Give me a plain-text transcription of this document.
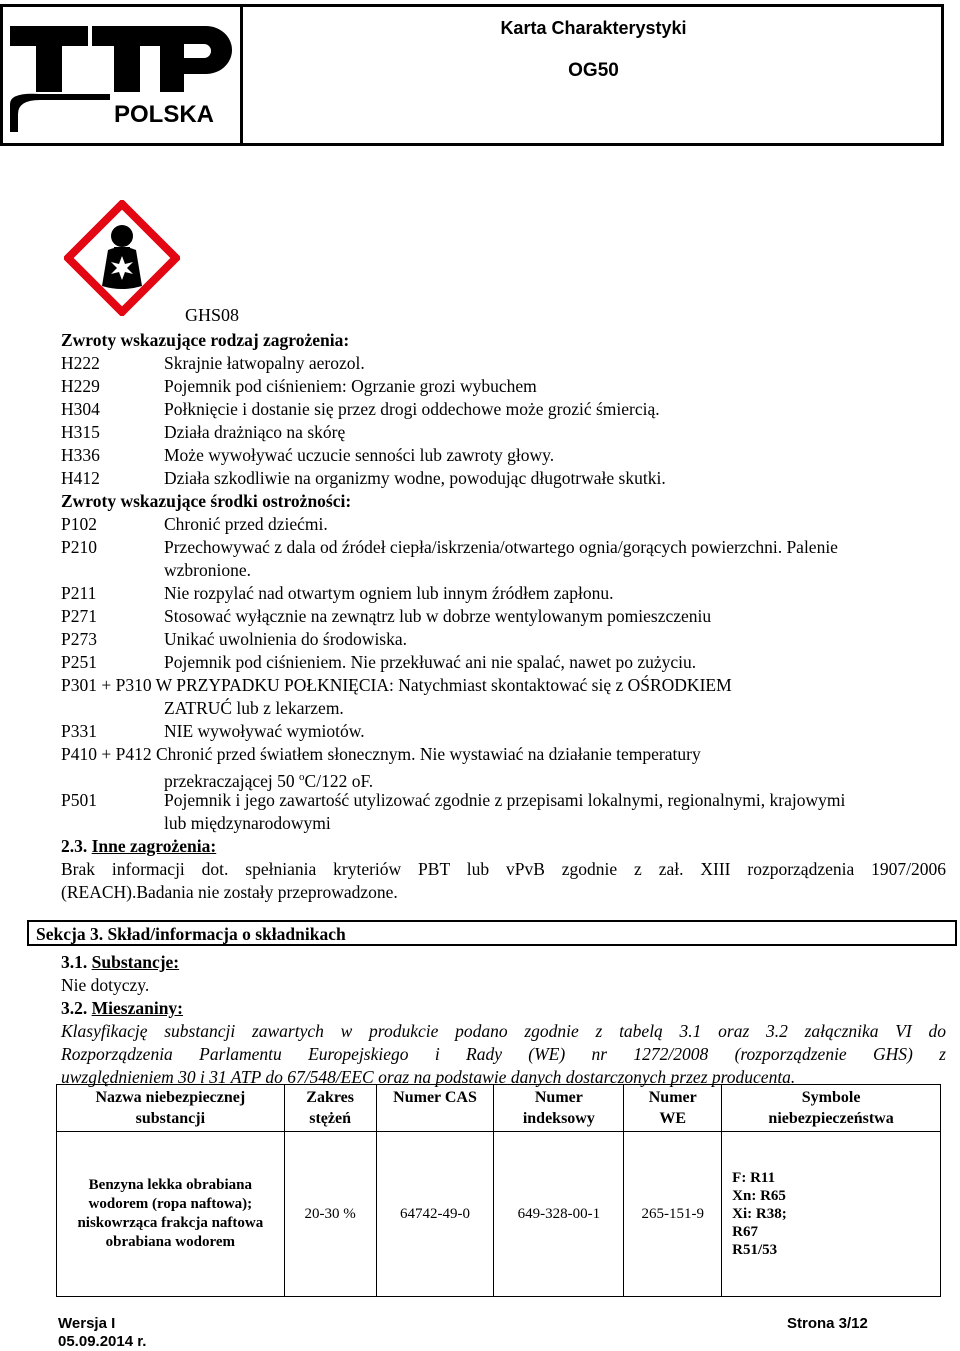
POLSKA
Karta Charakterystyki
OG50
GHS08
Zwroty wskazujące rodzaj zagrożenia:
H222	Skrajnie łatwopalny aerozol.
H229	Pojemnik pod ciśnieniem: Ogrzanie grozi wybuchem
H304	Połknięcie i dostanie się przez drogi oddechowe może grozić śmiercią.
H315	Działa drażniąco na skórę
H336	Może wywoływać uczucie senności lub zawroty głowy.
H412	Działa szkodliwie na organizmy wodne, powodując długotrwałe skutki.
Zwroty wskazujące środki ostrożności:
P102	Chronić przed dziećmi.
P210	Przechowywać z dala od źródeł ciepła/iskrzenia/otwartego ognia/gorących powierzchni. Palenie
wzbronione.
P211	Nie rozpylać nad otwartym ogniem lub innym źródłem zapłonu.
P271	Stosować wyłącznie na zewnątrz lub w dobrze wentylowanym pomieszczeniu
P273	Unikać uwolnienia do środowiska.
P251	Pojemnik pod ciśnieniem. Nie przekłuwać ani nie spalać, nawet po zużyciu.
P301 + P310 W PRZYPADKU POŁKNIĘCIA: Natychmiast skontaktować się z OŚRODKIEM
ZATRUĆ lub z lekarzem.
P331	NIE wywoływać wymiotów.
P410 + P412 Chronić przed światłem słonecznym. Nie wystawiać na działanie temperatury
przekraczającej 50 $^o$C/122 oF.
P501	Pojemnik i jego zawartość utylizować zgodnie z przepisami lokalnymi, regionalnymi, krajowymi
lub międzynarodowymi
2.3. Inne zagrożenia:
Brak informacji dot. spełniania kryteriów PBT lub vPvB zgodnie z zał. XIII rozporządzenia 1907/2006
(REACH).Badania nie zostały przeprowadzone.
Sekcja 3. Skład/informacja o składnikach
3.1. Substancje:
Nie dotyczy.
3.2. Mieszaniny:
Klasyfikację substancji zawartych w produkcie podano zgodnie z tabelą 3.1 oraz 3.2 załącznika VI do
Rozporządzenia Parlamentu Europejskiego i Rady (WE) nr 1272/2008 (rozporządzenie GHS) z
uwzględnieniem 30 i 31 ATP do 67/548/EEC oraz na podstawie danych dostarczonych przez producenta.
Nazwa niebezpiecznej
substancji	Zakres
stężeń	Numer CAS	Numer
indeksowy	Numer
WE	Symbole
niebezpieczeństwa
Benzyna lekka obrabiana
wodorem (ropa naftowa);
niskowrząca frakcja naftowa
obrabiana wodorem	20-30 %	64742-49-0	649-328-00-1	265-151-9	F: R11
Xn: R65
Xi: R38;
R67
R51/53
Wersja I
05.09.2014 r.
Strona 3/12
